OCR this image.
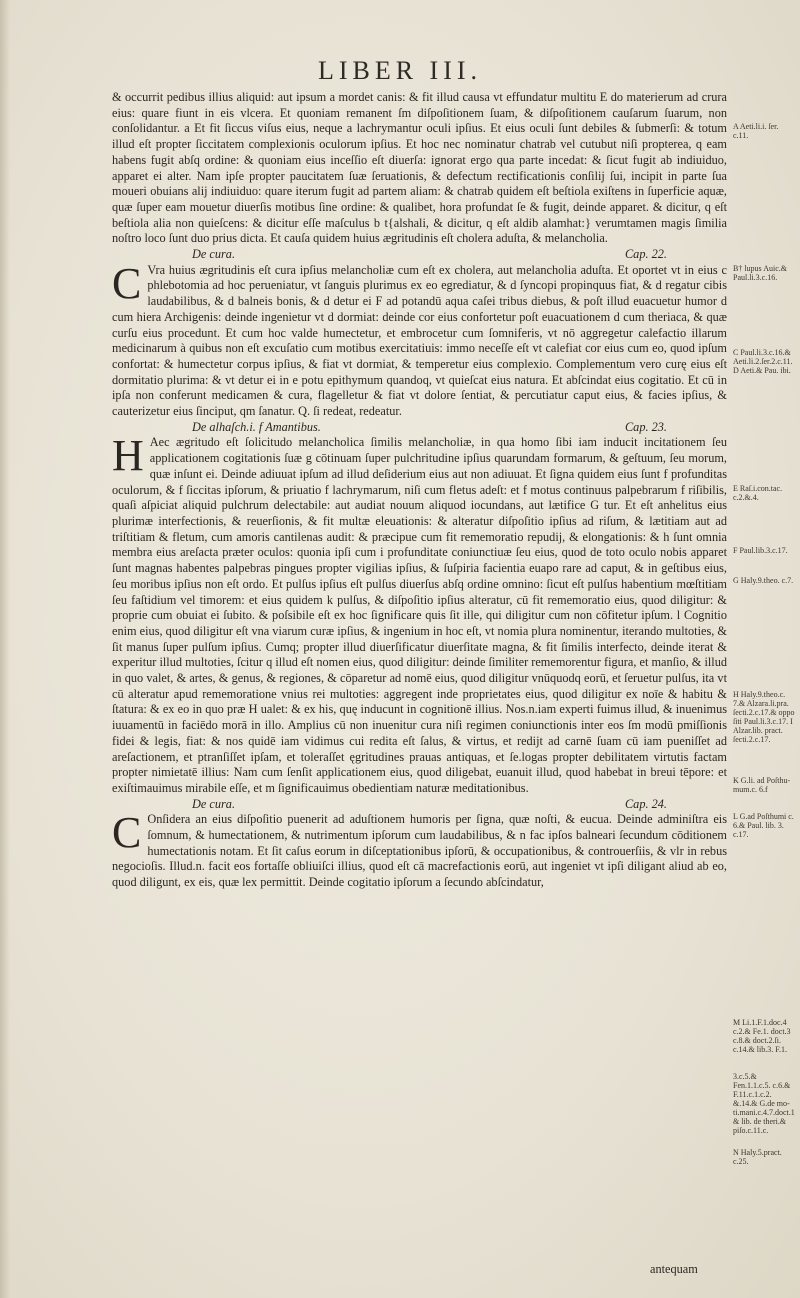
LIBER III.

& occurrit pedibus illius aliquid: aut ipsum a mordet canis: & fit illud causa vt effundatur multitu E do materierum ad crura eius: quare fiunt in eis vlcera. Et quoniam remanent ſm diſpoſitionem ſuam, & diſpoſitionem cauſarum ſuarum, non conſolidantur. a Et fit ſiccus viſus eius, neque a lachrymantur oculi ipſius. Et eius oculi ſunt debiles & ſubmerſi: & totum illud eſt propter ſiccitatem complexionis oculorum ipſius. Et hoc nec nominatur chatrab vel cutubut niſi propterea, q eam habens fugit abſq ordine: & quoniam eius inceſſio eſt diuerſa: ignorat ergo qua parte incedat: & ſicut fugit ab indiuiduo, apparet ei alter. Nam ipſe propter paucitatem ſuæ ſeruationis, & defectum rectificationis conſilij ſui, incipit in parte ſua moueri obuians alij indiuiduo: quare iterum fugit ad partem aliam: & chatrab quidem eſt beſtiola exiſtens in ſuperficie aquæ, quæ ſuper eam mouetur diuerſis motibus ſine ordine: & qualibet, hora profundat ſe & fugit, deinde apparet. & dicitur, q eſt beſtiola alia non quieſcens: & dicitur eſſe maſculus b t{alshali, & dicitur, q eſt aldib alamhat:} verumtamen magis ſimilia noſtro loco ſunt duo prius dicta. Et cauſa quidem huius ægritudinis eſt cholera aduſta, & melancholia.

De cura.	Cap. 22.
C Vra huius ægritudinis eſt cura ipſius melancholiæ cum eſt ex cholera, aut melancholia aduſta. Et oportet vt in eius c phlebotomia ad hoc perueniatur, vt ſanguis plurimus ex eo egrediatur, & d ſyncopi propinquus fiat, & d regatur cibis laudabilibus, & d balneis bonis, & d detur ei F ad potandū aqua caſei tribus diebus, & poſt illud euacuetur humor d cum hiera Archigenis: deinde ingenietur vt d dormiat: deinde cor eius confortetur poſt euacuationem d cum theriaca, & quæ curſu eius procedunt. Et cum hoc valde humectetur, et embrocetur cum ſomniferis, vt nō aggregetur calefactio illarum medicinarum à quibus non eſt excuſatio cum motibus exercitatiuis: immo neceſſe eſt vt calefiat cor eius cum eo, quod ipſum confortat: & humectetur corpus ipſius, & fiat vt dormiat, & temperetur eius complexio. Complementum vero curę eius eſt dormitatio plurima: & vt detur ei in e potu epithymum quandoq, vt quieſcat eius natura. Et abſcindat eius cogitatio. Et cū in ipſa non conferunt medicamen & cura, flagelletur & fiat vt dolore ſentiat, & percutiatur caput eius, & facies ipſius, & cauterizetur eius ſinciput, qm ſanatur. Q. ſi redeat, redeatur.

De alhaſch.i. f Amantibus.	Cap. 23.
H Aec ægritudo eſt ſolicitudo melancholica ſimilis melancholiæ, in qua homo ſibi iam inducit incitationem ſeu applicationem cogitationis ſuæ g cōtinuam ſuper pulchritudine ipſius quarundam formarum, & geſtuum, ſeu morum, quæ inſunt ei. Deinde adiuuat ipſum ad illud deſiderium eius aut non adiuuat. Et ſigna quidem eius ſunt f profunditas oculorum, & f ſiccitas ipſorum, & priuatio f lachrymarum, niſi cum fletus adeſt: et f motus continuus palpebrarum f riſibilis, quaſi aſpiciat aliquid pulchrum delectabile: aut audiat nouum aliquod iocundans, aut lætifice G tur. Et eſt anhelitus eius plurimæ interfectionis, & reuerſionis, & fit multæ eleuationis: & alteratur diſpoſitio ipſius ad riſum, & lætitiam aut ad triſtitiam & fletum, cum amoris cantilenas audit: & præcipue cum fit rememoratio repudij, & elongationis: & h ſunt omnia membra eius areſacta præter oculos: quonia ipſi cum i profunditate coniunctiuæ ſeu eius, quod de toto oculo nobis apparet ſunt magnas habentes palpebras pingues propter vigilias ipſius, & ſuſpiria facientia euapo rare ad caput, & in geſtibus eius, ſeu moribus ipſius non eſt ordo. Et pulſus ipſius eſt pulſus diuerſus abſq ordine omnino: ſicut eſt pulſus habentium mœſtitiam ſeu faſtidium vel timorem: et eius quidem k pulſus, & diſpoſitio ipſius alteratur, cū fit rememoratio eius, quod diligitur: & proprie cum obuiat ei ſubito. & poſsibile eſt ex hoc ſignificare quis ſit ille, qui diligitur cum non cōfitetur ipſum. l Cognitio enim eius, quod diligitur eſt vna viarum curæ ipſius, & ingenium in hoc eſt, vt nomia plura nominentur, iterando multoties, & ſit manus ſuper pulſum ipſius. Cumq; propter illud diuerſificatur diuerſitate magna, & fit ſimilis interfecto, deinde iterat & experitur illud multoties, ſcitur q illud eſt nomen eius, quod diligitur: deinde ſimiliter rememorentur figura, et manſio, & illud in quo valet, & artes, & genus, & regiones, & cōparetur ad nomē eius, quod diligitur vnūquodq eorū, et ſeruetur pulſus, ita vt cū alteratur apud rememoratione vnius rei multoties: aggregent inde proprietates eius, quod diligitur ex noīe & habitu & ſtatura: & ex eo in quo præ H ualet: & ex his, quę inducunt in cognitionē illius. Nos.n.iam experti fuimus illud, & inuenimus iuuamentū in faciēdo morā in illo. Amplius cū non inuenitur cura niſi regimen coniunctionis inter eos ſm modū pmiſſionis fidei & legis, fiat: & nos quidē iam vidimus cui redita eſt ſalus, & virtus, et redijt ad carnē ſuam cū iam pueniſſet ad areſactionem, et ptranſiſſet ipſam, et toleraſſet ęgritudines prauas antiquas, et ſe.logas propter debilitatem virtutis factam propter nimietatē illius: Nam cum ſenſit applicationem eius, quod diligebat, euanuit illud, quod habebat in breui tēpore: et exiſtimauimus mirabile eſſe, et m ſignificauimus obedientiam naturæ meditationibus.

De cura.	Cap. 24.
C Onſidera an eius diſpoſitio puenerit ad aduſtionem humoris per ſigna, quæ noſti, & eucua. Deinde adminiſtra eis ſomnum, & humectationem, & nutrimentum ipſorum cum laudabilibus, & n fac ipſos balneari ſecundum cōditionem humectationis notam. Et ſit caſus eorum in diſceptationibus ipſorū, & occupationibus, & controuerſiis, & vlr in rebus negocioſis. Illud.n. facit eos fortaſſe obliuiſci illius, quod eſt cā macrefactionis eorū, aut ingeniet vt ipſi diligant aliud ab eo, quod diligunt, ex eis, quæ lex permittit. Deinde cogitatio ipſorum a ſecundo abſcindatur,

A Aeti.li.i. ſer. c.11.
B† lupus Auic.& Paul.li.3.c.16.
C Paul.li.3.c.16.& Aeti.li.2.ſer.2.c.11. D Aeti.& Pau. ibi.
E Raſ.i.con.tac. c.2.&.4.
F Paul.lib.3.c.17.
G Haly.9.theo. c.7.
H Haly.9.theo.c. 7.& Alzara.li.pra. ſecti.2.c.17.& oppo ſiti Paul.li.3.c.17. I Alzar.lib. pract. ſecti.2.c.17.
K G.li. ad Poſthu- mum.c. 6.f
L G.ad Poſthumi c. 6.& Paul. lib. 3. c.17.
M Li.1.F.1.doc.4 c.2.& Fe.1. doct.3 c.8.& doct.2.ſi. c.14.& lib.3. F.1.
3.c.5.& Fen.1.1.c.5. c.6.& F.11.c.1.c.2. &.14.& G.de mo- ti.mani.c.4.7.doct.1 & lib. de theri.& piſo.c.11.c.
N Haly.5.pract. c.25.
antequam
